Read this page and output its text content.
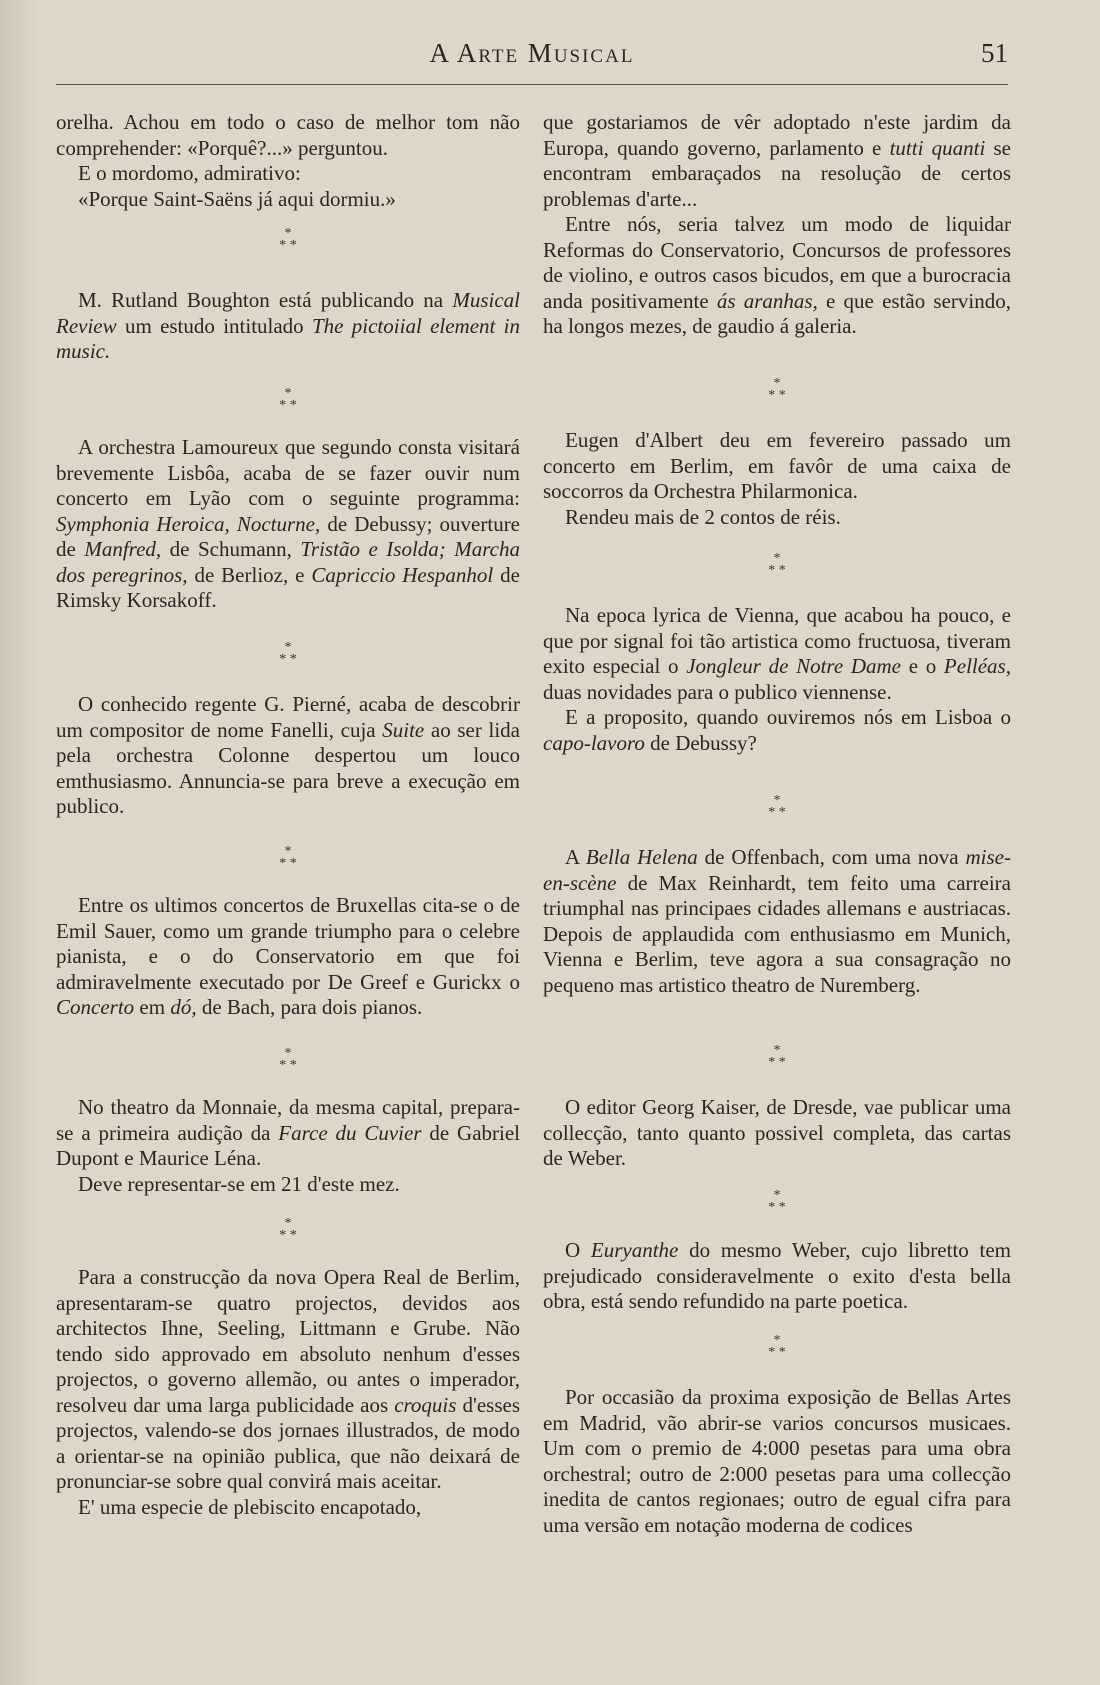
A Arte Musical	51

orelha. Achou em todo o caso de melhor tom não comprehender: «Porquê?...» perguntou.

E o mordomo, admirativo:

«Porque Saint-Saëns já aqui dormiu.»

*
* *

M. Rutland Boughton está publicando na Musical Review um estudo intitulado The pictoiial element in music.

*
* *

A orchestra Lamoureux que segundo consta visitará brevemente Lisbôa, acaba de se fazer ouvir num concerto em Lyão com o seguinte programma: Symphonia Heroica, Nocturne, de Debussy; ouverture de Manfred, de Schumann, Tristão e Isolda; Marcha dos peregrinos, de Berlioz, e Capriccio Hespanhol de Rimsky Korsakoff.

*
* *

O conhecido regente G. Pierné, acaba de descobrir um compositor de nome Fanelli, cuja Suite ao ser lida pela orchestra Colonne despertou um louco emthusiasmo. Annuncia-se para breve a execução em publico.

*
* *

Entre os ultimos concertos de Bruxellas cita-se o de Emil Sauer, como um grande triumpho para o celebre pianista, e o do Conservatorio em que foi admiravelmente executado por De Greef e Gurickx o Concerto em dó, de Bach, para dois pianos.

*
* *

No theatro da Monnaie, da mesma capital, prepara-se a primeira audição da Farce du Cuvier de Gabriel Dupont e Maurice Léna.

Deve representar-se em 21 d'este mez.

*
* *

Para a construcção da nova Opera Real de Berlim, apresentaram-se quatro projectos, devidos aos architectos Ihne, Seeling, Littmann e Grube. Não tendo sido approvado em absoluto nenhum d'esses projectos, o governo allemão, ou antes o imperador, resolveu dar uma larga publicidade aos croquis d'esses projectos, valendo-se dos jornaes illustrados, de modo a orientar-se na opinião publica, que não deixará de pronunciar-se sobre qual convirá mais aceitar.

E' uma especie de plebiscito encapotado,

que gostariamos de vêr adoptado n'este jardim da Europa, quando governo, parlamento e tutti quanti se encontram embaraçados na resolução de certos problemas d'arte...

Entre nós, seria talvez um modo de liquidar Reformas do Conservatorio, Concursos de professores de violino, e outros casos bicudos, em que a burocracia anda positivamente ás aranhas, e que estão servindo, ha longos mezes, de gaudio á galeria.

*
* *

Eugen d'Albert deu em fevereiro passado um concerto em Berlim, em favôr de uma caixa de soccorros da Orchestra Philarmonica.

Rendeu mais de 2 contos de réis.

*
* *

Na epoca lyrica de Vienna, que acabou ha pouco, e que por signal foi tão artistica como fructuosa, tiveram exito especial o Jongleur de Notre Dame e o Pelléas, duas novidades para o publico viennense.

E a proposito, quando ouviremos nós em Lisboa o capo-lavoro de Debussy?

*
* *

A Bella Helena de Offenbach, com uma nova mise-en-scène de Max Reinhardt, tem feito uma carreira triumphal nas principaes cidades allemans e austriacas. Depois de applaudida com enthusiasmo em Munich, Vienna e Berlim, teve agora a sua consagração no pequeno mas artistico theatro de Nuremberg.

*
* *

O editor Georg Kaiser, de Dresde, vae publicar uma collecção, tanto quanto possivel completa, das cartas de Weber.

*
* *

O Euryanthe do mesmo Weber, cujo libretto tem prejudicado consideravelmente o exito d'esta bella obra, está sendo refundido na parte poetica.

*
* *

Por occasião da proxima exposição de Bellas Artes em Madrid, vão abrir-se varios concursos musicaes. Um com o premio de 4:000 pesetas para uma obra orchestral; outro de 2:000 pesetas para uma collecção inedita de cantos regionaes; outro de egual cifra para uma versão em notação moderna de codices
